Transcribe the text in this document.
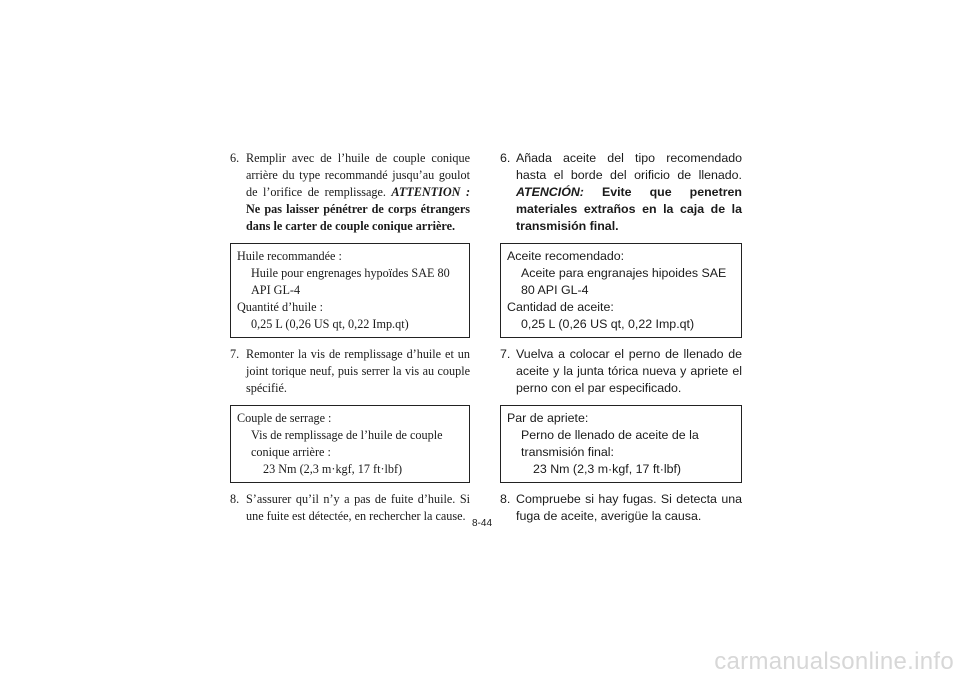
6. Remplir avec de l’huile de couple conique arrière du type recommandé jusqu’au goulot de l’orifice de remplissage. ATTENTION : Ne pas laisser pénétrer de corps étrangers dans le carter de couple conique arrière.
Huile recommandée :
Huile pour engrenages hypoïdes SAE 80 API GL-4
Quantité d’huile :
0,25 L (0,26 US qt, 0,22 Imp.qt)
7. Remonter la vis de remplissage d’huile et un joint torique neuf, puis serrer la vis au couple spécifié.
Couple de serrage :
Vis de remplissage de l’huile de couple conique arrière :
23 Nm (2,3 m·kgf, 17 ft·lbf)
8. S’assurer qu’il n’y a pas de fuite d’huile. Si une fuite est détectée, en rechercher la cause.
6. Añada aceite del tipo recomendado hasta el borde del orificio de llenado. ATENCIÓN: Evite que penetren materiales extraños en la caja de la transmisión final.
Aceite recomendado:
Aceite para engranajes hipoides SAE 80 API GL-4
Cantidad de aceite:
0,25 L (0,26 US qt, 0,22 Imp.qt)
7. Vuelva a colocar el perno de llenado de aceite y la junta tórica nueva y apriete el perno con el par especificado.
Par de apriete:
Perno de llenado de aceite de la transmisión final:
23 Nm (2,3 m·kgf, 17 ft·lbf)
8. Compruebe si hay fugas. Si detecta una fuga de aceite, averigüe la causa.
8-44
carmanualsonline.info
